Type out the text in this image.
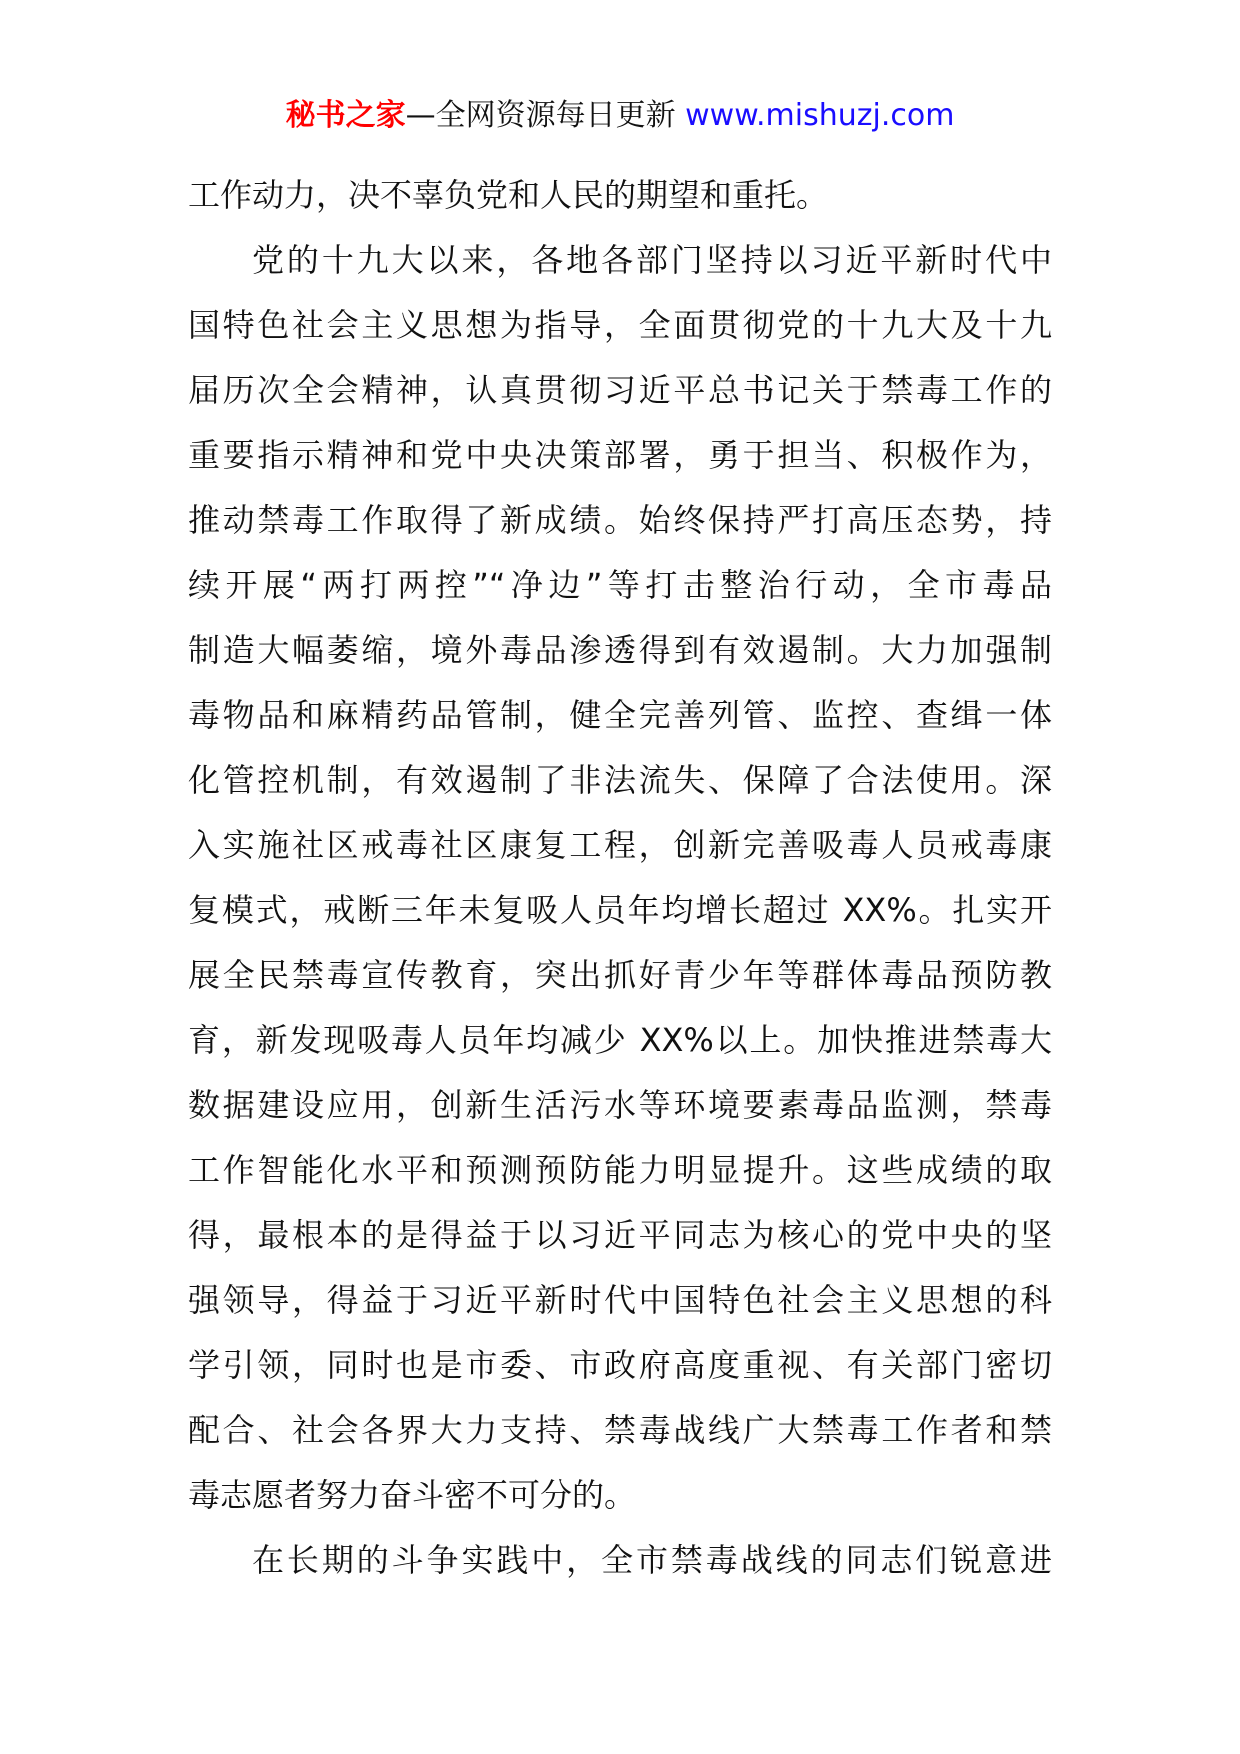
秘书之家—全网资源每日更新 www.mishuzj.com
工作动力，决不辜负党和人民的期望和重托。
党的十九大以来，各地各部门坚持以习近平新时代中
国特色社会主义思想为指导，全面贯彻党的十九大及十九
届历次全会精神，认真贯彻习近平总书记关于禁毒工作的
重要指示精神和党中央决策部署，勇于担当、积极作为，
推动禁毒工作取得了新成绩。始终保持严打高压态势，持
续开展“两打两控”“净边”等打击整治行动，全市毒品
制造大幅萎缩，境外毒品渗透得到有效遏制。大力加强制
毒物品和麻精药品管制，健全完善列管、监控、查缉一体
化管控机制，有效遏制了非法流失、保障了合法使用。深
入实施社区戒毒社区康复工程，创新完善吸毒人员戒毒康
复模式，戒断三年未复吸人员年均增长超过 XX%。扎实开
展全民禁毒宣传教育，突出抓好青少年等群体毒品预防教
育，新发现吸毒人员年均减少 XX%以上。加快推进禁毒大
数据建设应用，创新生活污水等环境要素毒品监测，禁毒
工作智能化水平和预测预防能力明显提升。这些成绩的取
得，最根本的是得益于以习近平同志为核心的党中央的坚
强领导，得益于习近平新时代中国特色社会主义思想的科
学引领，同时也是市委、市政府高度重视、有关部门密切
配合、社会各界大力支持、禁毒战线广大禁毒工作者和禁
毒志愿者努力奋斗密不可分的。
在长期的斗争实践中，全市禁毒战线的同志们锐意进
